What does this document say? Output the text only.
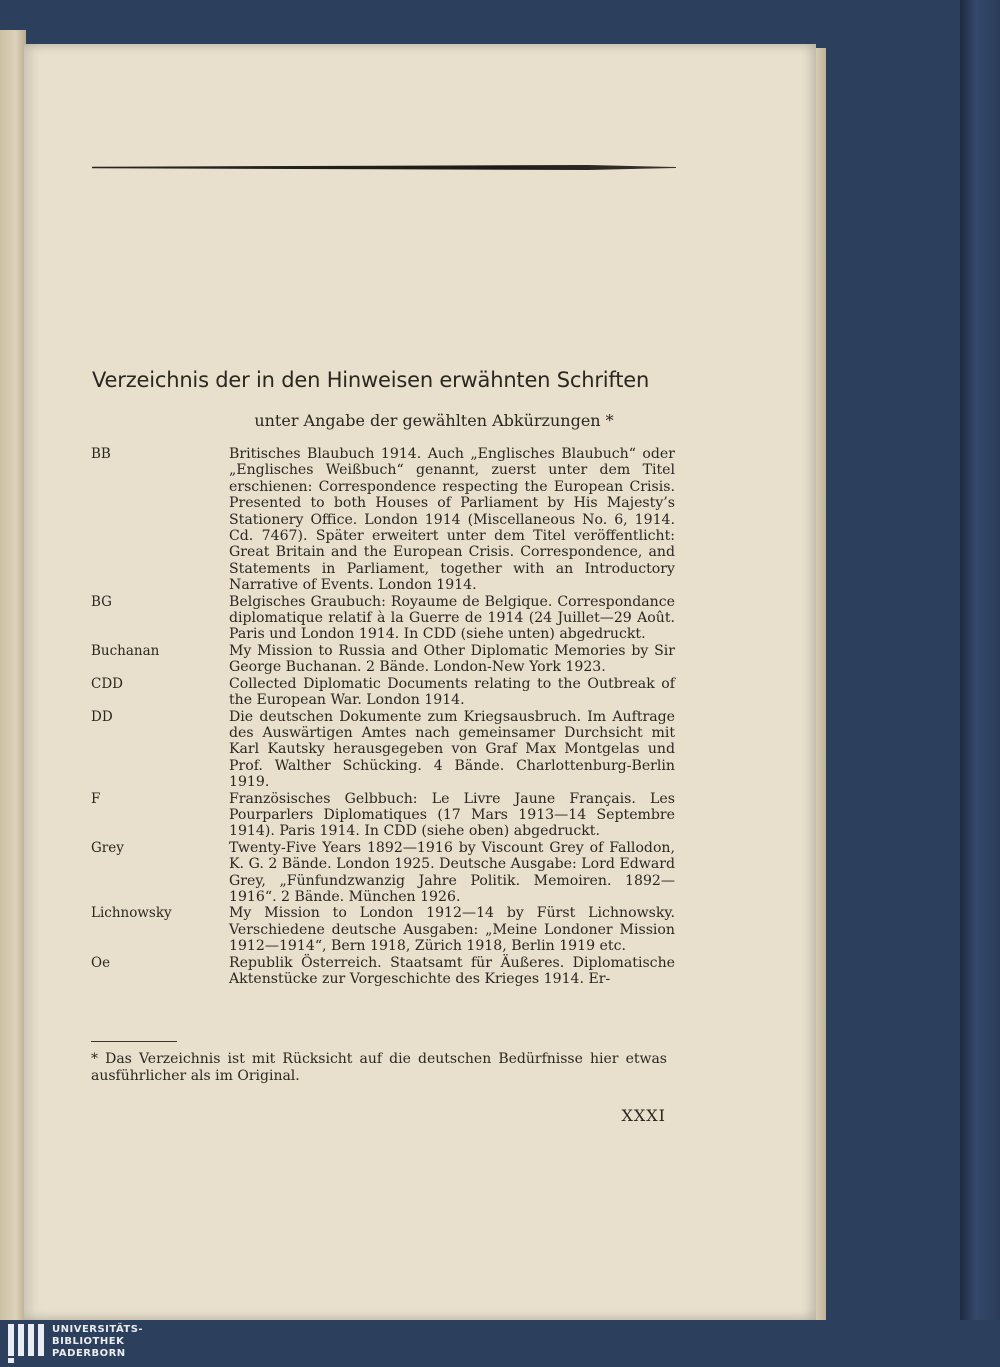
Verzeichnis der in den Hinweisen erwähnten Schriften
unter Angabe der gewählten Abkürzungen *
BB	Britisches Blaubuch 1914. Auch „Englisches Blaubuch“ oder „Englisches Weißbuch“ genannt, zuerst unter dem Titel erschienen: Correspondence respecting the European Crisis. Presented to both Houses of Parliament by His Majesty’s Stationery Office. London 1914 (Miscellaneous No. 6, 1914. Cd. 7467). Später erweitert unter dem Titel veröffentlicht: Great Britain and the European Crisis. Correspondence, and Statements in Parliament, together with an Introductory Narrative of Events. London 1914.
BG	Belgisches Graubuch: Royaume de Belgique. Correspondance diplomatique relatif à la Guerre de 1914 (24 Juillet—29 Août. Paris und London 1914. In CDD (siehe unten) abgedruckt.
Buchanan	My Mission to Russia and Other Diplomatic Memories by Sir George Buchanan. 2 Bände. London-New York 1923.
CDD	Collected Diplomatic Documents relating to the Outbreak of the European War. London 1914.
DD	Die deutschen Dokumente zum Kriegsausbruch. Im Auftrage des Auswärtigen Amtes nach gemeinsamer Durchsicht mit Karl Kautsky herausgegeben von Graf Max Montgelas und Prof. Walther Schücking. 4 Bände. Charlottenburg-Berlin 1919.
F	Französisches Gelbbuch: Le Livre Jaune Français. Les Pourparlers Diplomatiques (17 Mars 1913—14 Septembre 1914). Paris 1914. In CDD (siehe oben) abgedruckt.
Grey	Twenty-Five Years 1892—1916 by Viscount Grey of Fallodon, K. G. 2 Bände. London 1925. Deutsche Ausgabe: Lord Edward Grey, „Fünfundzwanzig Jahre Politik. Memoiren. 1892—1916“. 2 Bände. München 1926.
Lichnowsky	My Mission to London 1912—14 by Fürst Lichnowsky. Verschiedene deutsche Ausgaben: „Meine Londoner Mission 1912—1914“, Bern 1918, Zürich 1918, Berlin 1919 etc.
Oe	Republik Österreich. Staatsamt für Äußeres. Diplomatische Aktenstücke zur Vorgeschichte des Krieges 1914. Er-
* Das Verzeichnis ist mit Rücksicht auf die deutschen Bedürfnisse hier etwas ausführlicher als im Original.
XXXI
UNIVERSITÄTS-
BIBLIOTHEK
PADERBORN
